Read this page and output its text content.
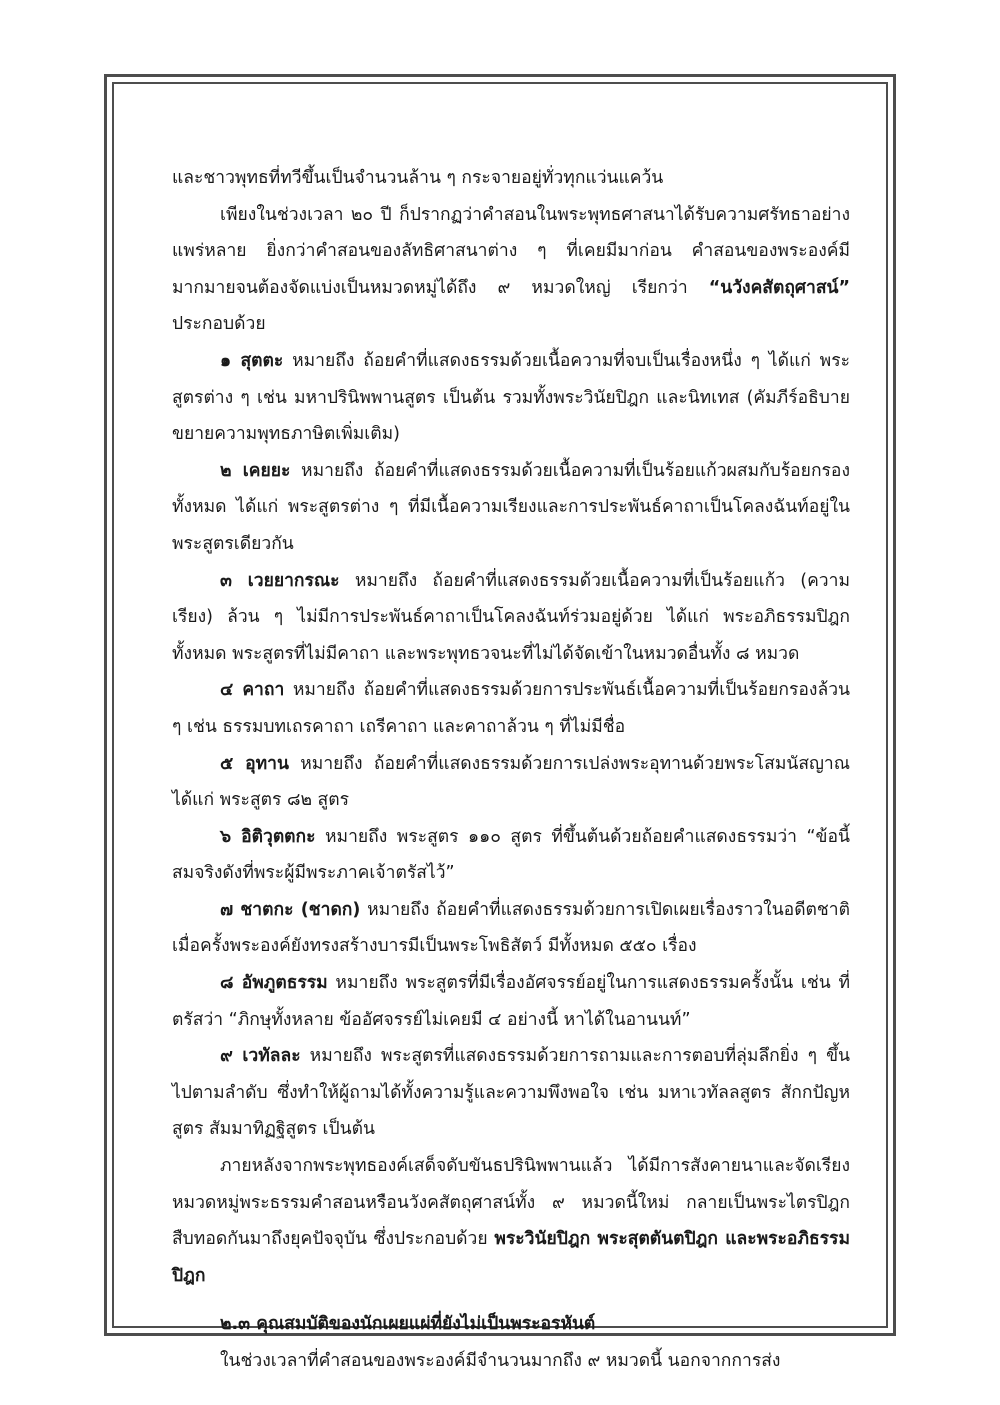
และชาวพุทธที่ทวีขึ้นเป็นจำนวนล้าน ๆ กระจายอยู่ทั่วทุกแว่นแคว้น

เพียงในช่วงเวลา ๒๐ ปี ก็ปรากฏว่าคำสอนในพระพุทธศาสนาได้รับความศรัทธาอย่างแพร่หลาย ยิ่งกว่าคำสอนของลัทธิศาสนาต่าง ๆ ที่เคยมีมาก่อน คำสอนของพระองค์มีมากมายจนต้องจัดแบ่งเป็นหมวดหมู่ได้ถึง ๙ หมวดใหญ่ เรียกว่า “นวังคสัตถุศาสน์” ประกอบด้วย

๑ สุตตะ หมายถึง ถ้อยคำที่แสดงธรรมด้วยเนื้อความที่จบเป็นเรื่องหนึ่ง ๆ ได้แก่ พระสูตรต่าง ๆ เช่น มหาปรินิพพานสูตร เป็นต้น รวมทั้งพระวินัยปิฎก และนิทเทส (คัมภีร์อธิบายขยายความพุทธภาษิตเพิ่มเติม)

๒ เคยยะ หมายถึง ถ้อยคำที่แสดงธรรมด้วยเนื้อความที่เป็นร้อยแก้วผสมกับร้อยกรองทั้งหมด ได้แก่ พระสูตรต่าง ๆ ที่มีเนื้อความเรียงและการประพันธ์คาถาเป็นโคลงฉันท์อยู่ในพระสูตรเดียวกัน

๓ เวยยากรณะ หมายถึง ถ้อยคำที่แสดงธรรมด้วยเนื้อความที่เป็นร้อยแก้ว (ความเรียง) ล้วน ๆ ไม่มีการประพันธ์คาถาเป็นโคลงฉันท์ร่วมอยู่ด้วย ได้แก่ พระอภิธรรมปิฎกทั้งหมด พระสูตรที่ไม่มีคาถา และพระพุทธวจนะที่ไม่ได้จัดเข้าในหมวดอื่นทั้ง ๘ หมวด

๔ คาถา หมายถึง ถ้อยคำที่แสดงธรรมด้วยการประพันธ์เนื้อความที่เป็นร้อยกรองล้วน ๆ เช่น ธรรมบทเถรคาถา เถรีคาถา และคาถาล้วน ๆ ที่ไม่มีชื่อ

๕ อุทาน หมายถึง ถ้อยคำที่แสดงธรรมด้วยการเปล่งพระอุทานด้วยพระโสมนัสญาณ ได้แก่ พระสูตร ๘๒ สูตร

๖ อิติวุตตกะ หมายถึง พระสูตร ๑๑๐ สูตร ที่ขึ้นต้นด้วยถ้อยคำแสดงธรรมว่า “ข้อนี้สมจริงดังที่พระผู้มีพระภาคเจ้าตรัสไว้”

๗ ชาตกะ (ชาดก) หมายถึง ถ้อยคำที่แสดงธรรมด้วยการเปิดเผยเรื่องราวในอดีตชาติ เมื่อครั้งพระองค์ยังทรงสร้างบารมีเป็นพระโพธิสัตว์ มีทั้งหมด ๕๕๐ เรื่อง

๘ อัพภูตธรรม หมายถึง พระสูตรที่มีเรื่องอัศจรรย์อยู่ในการแสดงธรรมครั้งนั้น เช่น ที่ตรัสว่า “ภิกษุทั้งหลาย ข้ออัศจรรย์ไม่เคยมี ๔ อย่างนี้ หาได้ในอานนท์”

๙ เวทัลละ หมายถึง พระสูตรที่แสดงธรรมด้วยการถามและการตอบที่ลุ่มลึกยิ่ง ๆ ขึ้นไปตามลำดับ ซึ่งทำให้ผู้ถามได้ทั้งความรู้และความพึงพอใจ เช่น มหาเวทัลลสูตร สักกปัญหสูตร สัมมาทิฏฐิสูตร เป็นต้น

ภายหลังจากพระพุทธองค์เสด็จดับขันธปรินิพพานแล้ว ได้มีการสังคายนาและจัดเรียงหมวดหมู่พระธรรมคำสอนหรือนวังคสัตถุศาสน์ทั้ง ๙ หมวดนี้ใหม่ กลายเป็นพระไตรปิฎก สืบทอดกันมาถึงยุคปัจจุบัน ซึ่งประกอบด้วย พระวินัยปิฎก พระสุตตันตปิฎก และพระอภิธรรมปิฎก

๒.๓ คุณสมบัติของนักเผยแผ่ที่ยังไม่เป็นพระอรหันต์

ในช่วงเวลาที่คำสอนของพระองค์มีจำนวนมากถึง ๙ หมวดนี้ นอกจากการส่ง
